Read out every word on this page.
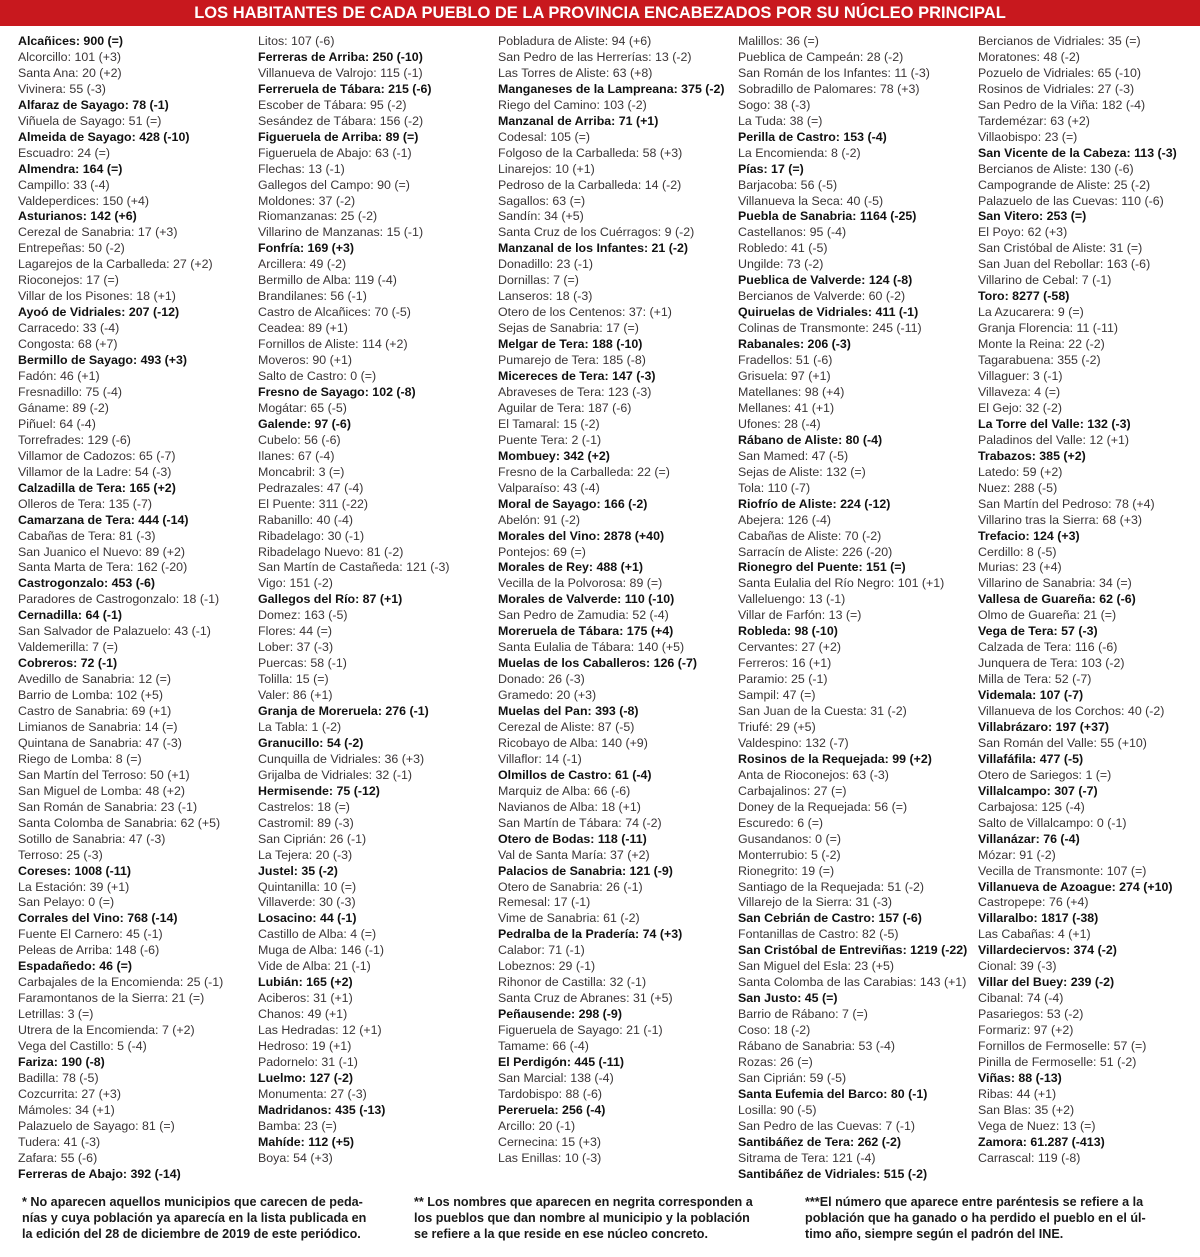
LOS HABITANTES DE CADA PUEBLO DE LA PROVINCIA ENCABEZADOS POR SU NÚCLEO PRINCIPAL
Alcañices: 900 (=)
Alcorcillo: 101 (+3)
Santa Ana: 20 (+2)
Vivinera: 55 (-3)
Alfaraz de Sayago: 78 (-1)
Viñuela de Sayago: 51 (=)
Almeida de Sayago: 428 (-10)
Escuadro: 24 (=)
Almendra: 164 (=)
Campillo: 33 (-4)
Valdeperdices: 150 (+4)
Asturianos: 142 (+6)
Cerezal de Sanabria: 17 (+3)
Entrepeñas: 50 (-2)
Lagarejos de la Carballeda: 27 (+2)
Rioconejos: 17 (=)
Villar de los Pisones: 18 (+1)
Ayoó de Vidriales: 207 (-12)
Carracedo: 33 (-4)
Congosta: 68 (+7)
Bermillo de Sayago: 493 (+3)
Fadón: 46 (+1)
Fresnadillo: 75 (-4)
Gáname: 89 (-2)
Piñuel: 64 (-4)
Torrefrades: 129 (-6)
Villamor de Cadozos: 65 (-7)
Villamor de la Ladre: 54 (-3)
Calzadilla de Tera: 165 (+2)
Olleros de Tera: 135 (-7)
Camarzana de Tera: 444 (-14)
Cabañas de Tera: 81 (-3)
San Juanico el Nuevo: 89 (+2)
Santa Marta de Tera: 162 (-20)
Castrogonzalo: 453 (-6)
Paradores de Castrogonzalo: 18 (-1)
Cernadilla: 64 (-1)
San Salvador de Palazuelo: 43 (-1)
Valdemerilla: 7 (=)
Cobreros: 72 (-1)
Avedillo de Sanabria: 12 (=)
Barrio de Lomba: 102 (+5)
Castro de Sanabria: 69 (+1)
Limianos de Sanabria: 14 (=)
Quintana de Sanabria: 47 (-3)
Riego de Lomba: 8 (=)
San Martín del Terroso: 50 (+1)
San Miguel de Lomba: 48 (+2)
San Román de Sanabria: 23 (-1)
Santa Colomba de Sanabria: 62 (+5)
Sotillo de Sanabria: 47 (-3)
Terroso: 25 (-3)
Coreses: 1008 (-11)
La Estación: 39 (+1)
San Pelayo: 0 (=)
Corrales del Vino: 768 (-14)
Fuente El Carnero: 45 (-1)
Peleas de Arriba: 148 (-6)
Espadañedo: 46 (=)
Carbajales de la Encomienda: 25 (-1)
Faramontanos de la Sierra: 21 (=)
Letrillas: 3 (=)
Utrera de la Encomienda: 7 (+2)
Vega del Castillo: 5 (-4)
Fariza: 190 (-8)
Badilla: 78 (-5)
Cozcurrita: 27 (+3)
Mámoles: 34 (+1)
Palazuelo de Sayago: 81 (=)
Tudera: 41 (-3)
Zafara: 55 (-6)
Ferreras de Abajo: 392 (-14)
Litos: 107 (-6)
Ferreras de Arriba: 250 (-10)
Villanueva de Valrojo: 115 (-1)
Ferreruela de Tábara: 215 (-6)
Escober de Tábara: 95 (-2)
Sesández de Tábara: 156 (-2)
Figueruela de Arriba: 89 (=)
Figueruela de Abajo: 63 (-1)
Flechas: 13 (-1)
Gallegos del Campo: 90 (=)
Moldones: 37 (-2)
Riomanzanas: 25 (-2)
Villarino de Manzanas: 15 (-1)
Fonfría: 169 (+3)
Arcillera: 49 (-2)
Bermillo de Alba: 119 (-4)
Brandilanes: 56 (-1)
Castro de Alcañices: 70 (-5)
Ceadea: 89 (+1)
Fornillos de Aliste: 114 (+2)
Moveros: 90 (+1)
Salto de Castro: 0 (=)
Fresno de Sayago: 102 (-8)
Mogátar: 65 (-5)
Galende: 97 (-6)
Cubelo: 56 (-6)
Ilanes: 67 (-4)
Moncabril: 3 (=)
Pedrazales: 47 (-4)
El Puente: 311 (-22)
Rabanillo: 40 (-4)
Ribadelago: 30 (-1)
Ribadelago Nuevo: 81 (-2)
San Martín de Castañeda: 121 (-3)
Vigo: 151 (-2)
Gallegos del Río: 87 (+1)
Domez: 163 (-5)
Flores: 44 (=)
Lober: 37 (-3)
Puercas: 58 (-1)
Tolilla: 15 (=)
Valer: 86 (+1)
Granja de Moreruela: 276 (-1)
La Tabla: 1 (-2)
Granucillo: 54 (-2)
Cunquilla de Vidriales: 36 (+3)
Grijalba de Vidriales: 32 (-1)
Hermisende: 75 (-12)
Castrelos: 18 (=)
Castromil: 89 (-3)
San Ciprián: 26 (-1)
La Tejera: 20 (-3)
Justel: 35 (-2)
Quintanilla: 10 (=)
Villaverde: 30 (-3)
Losacino: 44 (-1)
Castillo de Alba: 4 (=)
Muga de Alba: 146 (-1)
Vide de Alba: 21 (-1)
Lubián: 165 (+2)
Aciberos: 31 (+1)
Chanos: 49 (+1)
Las Hedradas: 12 (+1)
Hedroso: 19 (+1)
Padornelo: 31 (-1)
Luelmo: 127 (-2)
Monumenta: 27 (-3)
Madridanos: 435 (-13)
Bamba: 23 (=)
Mahíde: 112 (+5)
Boya: 54 (+3)
Pobladura de Aliste: 94 (+6)
San Pedro de las Herrerías: 13 (-2)
Las Torres de Aliste: 63 (+8)
Manganeses de la Lampreana: 375 (-2)
Riego del Camino: 103 (-2)
Manzanal de Arriba: 71 (+1)
Codesal: 105 (=)
Folgoso de la Carballeda: 58 (+3)
Linarejos: 10 (+1)
Pedroso de la Carballeda: 14 (-2)
Sagallos: 63 (=)
Sandín: 34 (+5)
Santa Cruz de los Cuérragos: 9 (-2)
Manzanal de los Infantes: 21 (-2)
Donadillo: 23 (-1)
Dornillas: 7 (=)
Lanseros: 18 (-3)
Otero de los Centenos: 37: (+1)
Sejas de Sanabria: 17 (=)
Melgar de Tera: 188 (-10)
Pumarejo de Tera: 185 (-8)
Micereces de Tera: 147 (-3)
Abraveses de Tera: 123 (-3)
Aguilar de Tera: 187 (-6)
El Tamaral: 15 (-2)
Puente Tera: 2 (-1)
Mombuey: 342 (+2)
Fresno de la Carballeda: 22 (=)
Valparaíso: 43 (-4)
Moral de Sayago: 166 (-2)
Abelón: 91 (-2)
Morales del Vino: 2878 (+40)
Pontejos: 69 (=)
Morales de Rey: 488 (+1)
Vecilla de la Polvorosa: 89 (=)
Morales de Valverde: 110 (-10)
San Pedro de Zamudia: 52 (-4)
Moreruela de Tábara: 175 (+4)
Santa Eulalia de Tábara: 140 (+5)
Muelas de los Caballeros: 126 (-7)
Donado: 26 (-3)
Gramedo: 20 (+3)
Muelas del Pan: 393 (-8)
Cerezal de Aliste: 87 (-5)
Ricobayo de Alba: 140 (+9)
Villaflor: 14 (-1)
Olmillos de Castro: 61 (-4)
Marquiz de Alba: 66 (-6)
Navianos de Alba: 18 (+1)
San Martín de Tábara: 74 (-2)
Otero de Bodas: 118 (-11)
Val de Santa María: 37 (+2)
Palacios de Sanabria: 121 (-9)
Otero de Sanabria: 26 (-1)
Remesal: 17 (-1)
Vime de Sanabria: 61 (-2)
Pedralba de la Pradería: 74 (+3)
Calabor: 71 (-1)
Lobeznos: 29 (-1)
Rihonor de Castilla: 32 (-1)
Santa Cruz de Abranes: 31 (+5)
Peñausende: 298 (-9)
Figueruela de Sayago: 21 (-1)
Tamame: 66 (-4)
El Perdigón: 445 (-11)
San Marcial: 138 (-4)
Tardobispo: 88 (-6)
Pereruela: 256 (-4)
Arcillo: 20 (-1)
Cernecina: 15 (+3)
Las Enillas: 10 (-3)
Malillos: 36 (=)
Pueblica de Campeán: 28 (-2)
San Román de los Infantes: 11 (-3)
Sobradillo de Palomares: 78 (+3)
Sogo: 38 (-3)
La Tuda: 38 (=)
Perilla de Castro: 153 (-4)
La Encomienda: 8 (-2)
Pías: 17 (=)
Barjacoba: 56 (-5)
Villanueva la Seca: 40 (-5)
Puebla de Sanabria: 1164 (-25)
Castellanos: 95 (-4)
Robledo: 41 (-5)
Ungilde: 73 (-2)
Pueblica de Valverde: 124 (-8)
Bercianos de Valverde: 60 (-2)
Quiruelas de Vidriales: 411 (-1)
Colinas de Transmonte: 245 (-11)
Rabanales: 206 (-3)
Fradellos: 51 (-6)
Grisuela: 97 (+1)
Matellanes: 98 (+4)
Mellanes: 41 (+1)
Ufones: 28 (-4)
Rábano de Aliste: 80 (-4)
San Mamed: 47 (-5)
Sejas de Aliste: 132 (=)
Tola: 110 (-7)
Riofrío de Aliste: 224 (-12)
Abejera: 126 (-4)
Cabañas de Aliste: 70 (-2)
Sarracín de Aliste: 226 (-20)
Rionegro del Puente: 151 (=)
Santa Eulalia del Río Negro: 101 (+1)
Valleluengo: 13 (-1)
Villar de Farfón: 13 (=)
Robleda: 98 (-10)
Cervantes: 27 (+2)
Ferreros: 16 (+1)
Paramio: 25 (-1)
Sampil: 47 (=)
San Juan de la Cuesta: 31 (-2)
Triufé: 29 (+5)
Valdespino: 132 (-7)
Rosinos de la Requejada: 99 (+2)
Anta de Rioconejos: 63 (-3)
Carbajalinos: 27 (=)
Doney de la Requejada: 56 (=)
Escuredo: 6 (=)
Gusandanos: 0 (=)
Monterrubio: 5 (-2)
Rionegrito: 19 (=)
Santiago de la Requejada: 51 (-2)
Villarejo de la Sierra: 31 (-3)
San Cebrián de Castro: 157 (-6)
Fontanillas de Castro: 82 (-5)
San Cristóbal de Entreviñas: 1219 (-22)
San Miguel del Esla: 23 (+5)
Santa Colomba de las Carabias: 143 (+1)
San Justo: 45 (=)
Barrio de Rábano: 7 (=)
Coso: 18 (-2)
Rábano de Sanabria: 53 (-4)
Rozas: 26 (=)
San Ciprián: 59 (-5)
Santa Eufemia del Barco: 80 (-1)
Losilla: 90 (-5)
San Pedro de las Cuevas: 7 (-1)
Santibáñez de Tera: 262 (-2)
Sitrama de Tera: 121 (-4)
Santibáñez de Vidriales: 515 (-2)
Bercianos de Vidriales: 35 (=)
Moratones: 48 (-2)
Pozuelo de Vidriales: 65 (-10)
Rosinos de Vidriales: 27 (-3)
San Pedro de la Viña: 182 (-4)
Tardemézar: 63 (+2)
Villaobispo: 23 (=)
San Vicente de la Cabeza: 113 (-3)
Bercianos de Aliste: 130 (-6)
Campogrande de Aliste: 25 (-2)
Palazuelo de las Cuevas: 110 (-6)
San Vitero: 253 (=)
El Poyo: 62 (+3)
San Cristóbal de Aliste: 31 (=)
San Juan del Rebollar: 163 (-6)
Villarino de Cebal: 7 (-1)
Toro: 8277 (-58)
La Azucarera: 9 (=)
Granja Florencia: 11 (-11)
Monte la Reina: 22 (-2)
Tagarabuena: 355 (-2)
Villaguer: 3 (-1)
Villaveza: 4 (=)
El Gejo: 32 (-2)
La Torre del Valle: 132 (-3)
Paladinos del Valle: 12 (+1)
Trabazos: 385 (+2)
Latedo: 59 (+2)
Nuez: 288 (-5)
San Martín del Pedroso: 78 (+4)
Villarino tras la Sierra: 68 (+3)
Trefacio: 124 (+3)
Cerdillo: 8 (-5)
Murias: 23 (+4)
Villarino de Sanabria: 34 (=)
Vallesa de Guareña: 62 (-6)
Olmo de Guareña: 21 (=)
Vega de Tera: 57 (-3)
Calzada de Tera: 116 (-6)
Junquera de Tera: 103 (-2)
Milla de Tera: 52 (-7)
Videmala: 107 (-7)
Villanueva de los Corchos: 40 (-2)
Villabrázaro: 197 (+37)
San Román del Valle: 55 (+10)
Villafáfila: 477 (-5)
Otero de Sariegos: 1 (=)
Villalcampo: 307 (-7)
Carbajosa: 125 (-4)
Salto de Villalcampo: 0 (-1)
Villanázar: 76 (-4)
Mózar: 91 (-2)
Vecilla de Transmonte: 107 (=)
Villanueva de Azoague: 274 (+10)
Castropepe: 76 (+4)
Villaralbo: 1817 (-38)
Las Cabañas: 4 (+1)
Villardeciervos: 374 (-2)
Cional: 39 (-3)
Villar del Buey: 239 (-2)
Cibanal: 74 (-4)
Pasariegos: 53 (-2)
Formariz: 97 (+2)
Fornillos de Fermoselle: 57 (=)
Pinilla de Fermoselle: 51 (-2)
Viñas: 88 (-13)
Ribas: 44 (+1)
San Blas: 35 (+2)
Vega de Nuez: 13 (=)
Zamora: 61.287 (-413)
Carrascal: 119 (-8)
* No aparecen aquellos municipios que carecen de peda-
nías y cuya población ya aparecía en la lista publicada en
la edición del 28 de diciembre de 2019 de este periódico.
** Los nombres que aparecen en negrita corresponden a
los pueblos que dan nombre al municipio y la población
se refiere a la que reside en ese núcleo concreto.
***El número que aparece entre paréntesis se refiere a la
población que ha ganado o ha perdido el pueblo en el úl-
timo año, siempre según el padrón del INE.
